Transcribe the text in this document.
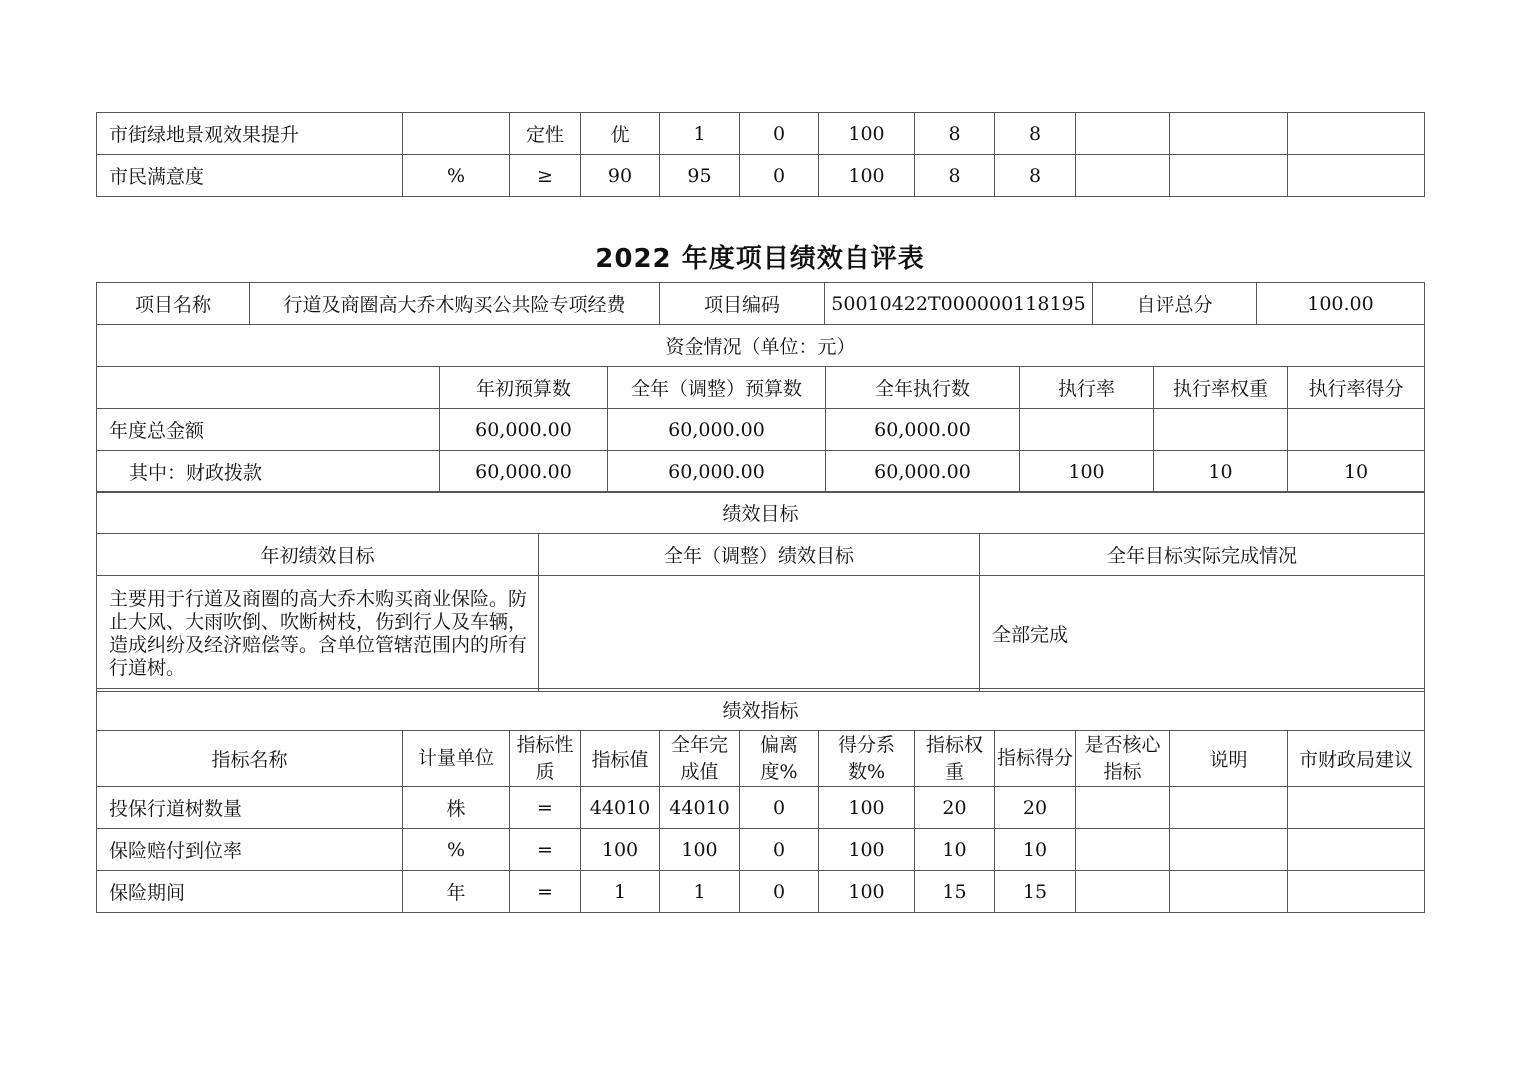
市街绿地景观效果提升		定性	优	1	0	100	8	8			
市民满意度	%	≥	90	95	0	100	8	8			
2022 年度项目绩效自评表
项目名称	行道及商圈高大乔木购买公共险专项经费	项目编码	50010422T000000118195	自评总分	100.00
资金情况（单位：元）						
	年初预算数	全年（调整）预算数	全年执行数	执行率	执行率权重	执行率得分
年度总金额	60,000.00	60,000.00	60,000.00			
其中：财政拨款	60,000.00	60,000.00	60,000.00	100	10	10
绩效目标		
年初绩效目标	全年（调整）绩效目标	全年目标实际完成情况
主要用于行道及商圈的高大乔木购买商业保险。防止大风、大雨吹倒、吹断树枝，伤到行人及车辆，造成纠纷及经济赔偿等。含单位管辖范围内的所有行道树。		全部完成
绩效指标											
指标名称	计量单位	指标性质	指标值	全年完成值	偏离度%	得分系数%	指标权重	指标得分	是否核心指标	说明	市财政局建议
投保行道树数量	株	=	44010	44010	0	100	20	20			
保险赔付到位率	%	=	100	100	0	100	10	10			
保险期间	年	=	1	1	0	100	15	15			
